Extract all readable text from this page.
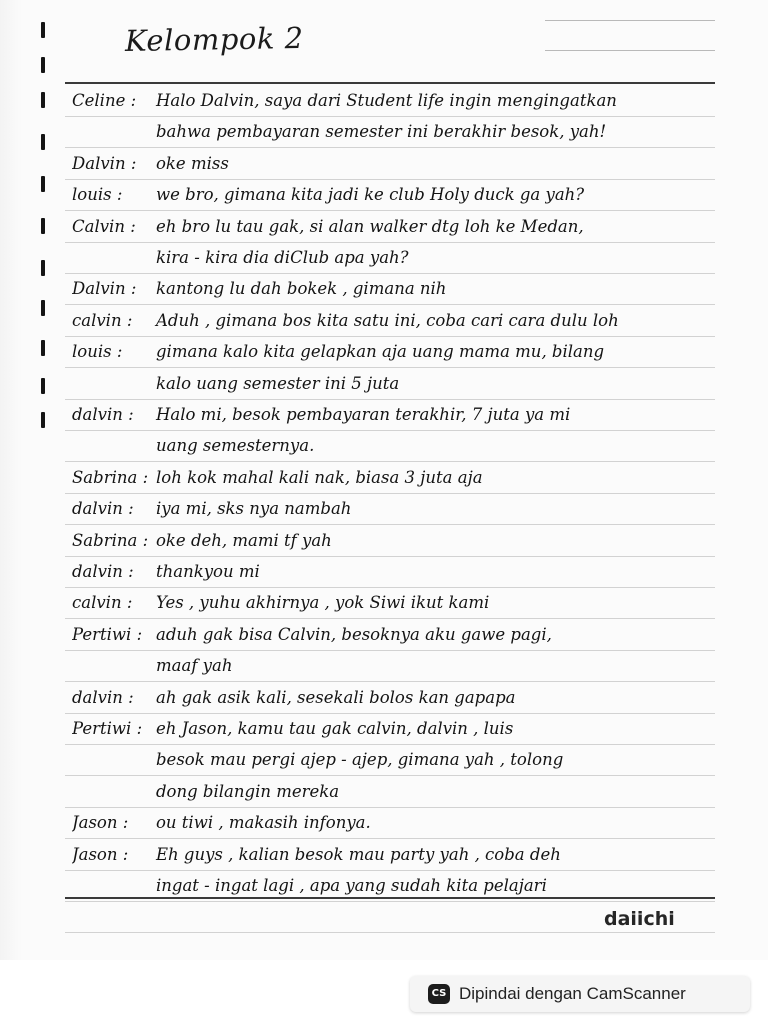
Kelompok 2
Celine : Halo Dalvin, saya dari Student life ingin mengingatkan
bahwa pembayaran semester ini berakhir besok, yah!
Dalvin : oke miss
louis : we bro, gimana kita jadi ke club Holy duck ga yah?
Calvin : eh bro lu tau gak, si alan walker dtg loh ke Medan,
kira - kira dia diClub apa yah?
Dalvin : kantong lu dah bokek , gimana nih
calvin : Aduh , gimana bos kita satu ini, coba cari cara dulu loh
louis : gimana kalo kita gelapkan aja uang mama mu, bilang
kalo uang semester ini 5 juta
dalvin : Halo mi, besok pembayaran terakhir, 7 juta ya mi
uang semesternya.
Sabrina : loh kok mahal kali nak, biasa 3 juta aja
dalvin : iya mi, sks nya nambah
Sabrina : oke deh, mami tf yah
dalvin : thankyou mi
calvin : Yes , yuhu akhirnya , yok Siwi ikut kami
Pertiwi : aduh gak bisa Calvin, besoknya aku gawe pagi,
maaf yah
dalvin : ah gak asik kali, sesekali bolos kan gapapa
Pertiwi : eh Jason, kamu tau gak calvin, dalvin , luis
besok mau pergi ajep - ajep, gimana yah , tolong
dong bilangin mereka
Jason : ou tiwi , makasih infonya.
Jason : Eh guys , kalian besok mau party yah , coba deh
ingat - ingat lagi , apa yang sudah kita pelajari
daiichi
CS Dipindai dengan CamScanner
